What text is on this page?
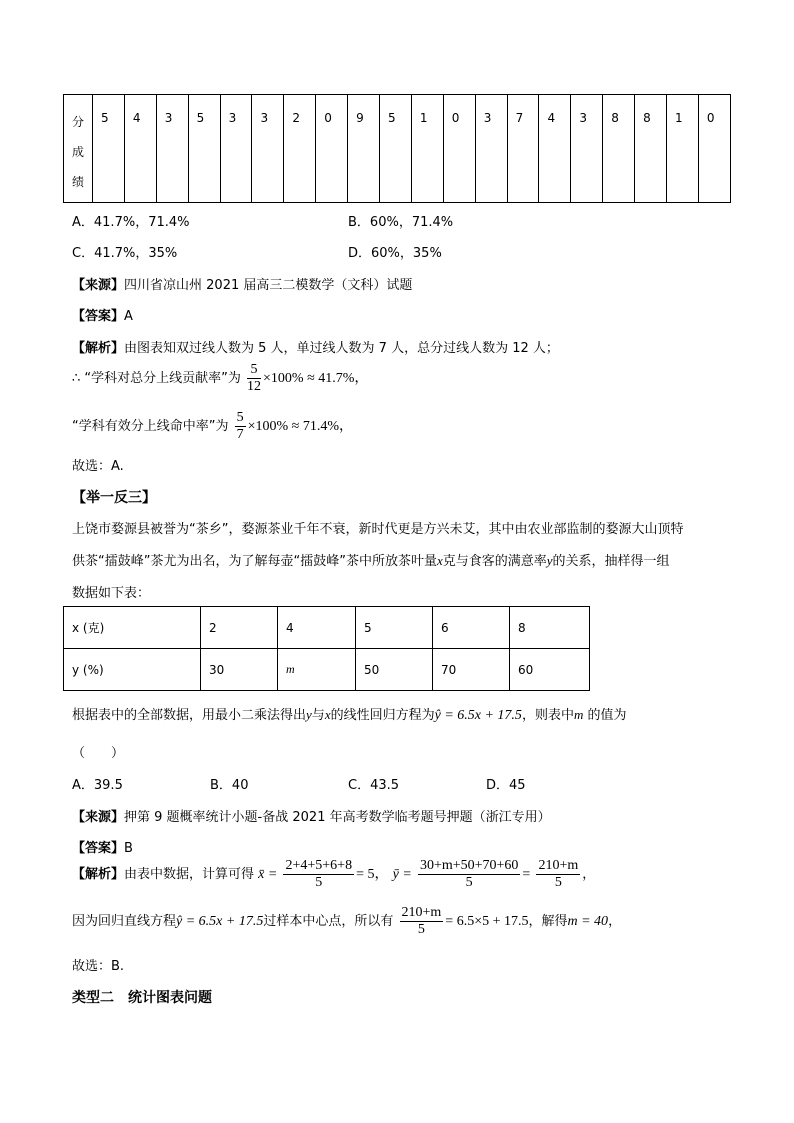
分
成
绩	5	4	3	5	3	3	2	0	9	5	1	0	3	7	4	3	8	8	1	0
A．41.7%，71.4%	B．60%，71.4%
C．41.7%，35%	D．60%，35%
【来源】四川省凉山州 2021 届高三二模数学（文科）试题
【答案】A
【解析】由图表知双过线人数为 5 人，单过线人数为 7 人，总分过线人数为 12 人；
∴ “学科对总分上线贡献率”为 $\frac{5}{12} \times 100\% \approx 41.7\%$，
“学科有效分上线命中率”为 $\frac{5}{7} \times 100\% \approx 71.4\%$，
故选：A.
【举一反三】
上饶市婺源县被誉为“茶乡”，婺源茶业千年不衰，新时代更是方兴未艾，其中由农业部监制的婺源大山顶特
供茶“擂鼓峰”茶尤为出名，为了解每壶“擂鼓峰”茶中所放茶叶量x克与食客的满意率y的关系，抽样得一组
数据如下表：
x (克)	2	4	5	6	8
y (%)	30	m	50	70	60
根据表中的全部数据，用最小二乘法得出y与x的线性回归方程为ŷ = 6.5x + 17.5，则表中m 的值为
（　　）
A．39.5	B．40	C．43.5	D．45
【来源】押第 9 题概率统计小题-备战 2021 年高考数学临考题号押题（浙江专用）
【答案】B
【解析】由表中数据，计算可得 x̄ = $\frac{2+4+5+6+8}{5} = 5$， ȳ = $\frac{30+m+50+70+60}{5} = \frac{210+m}{5}$ ，
因为回归直线方程ŷ = 6.5x + 17.5过样本中心点，所以有 $\frac{210+m}{5} = 6.5\times 5 + 17.5$，解得m = 40，
故选：B.
类型二　统计图表问题
